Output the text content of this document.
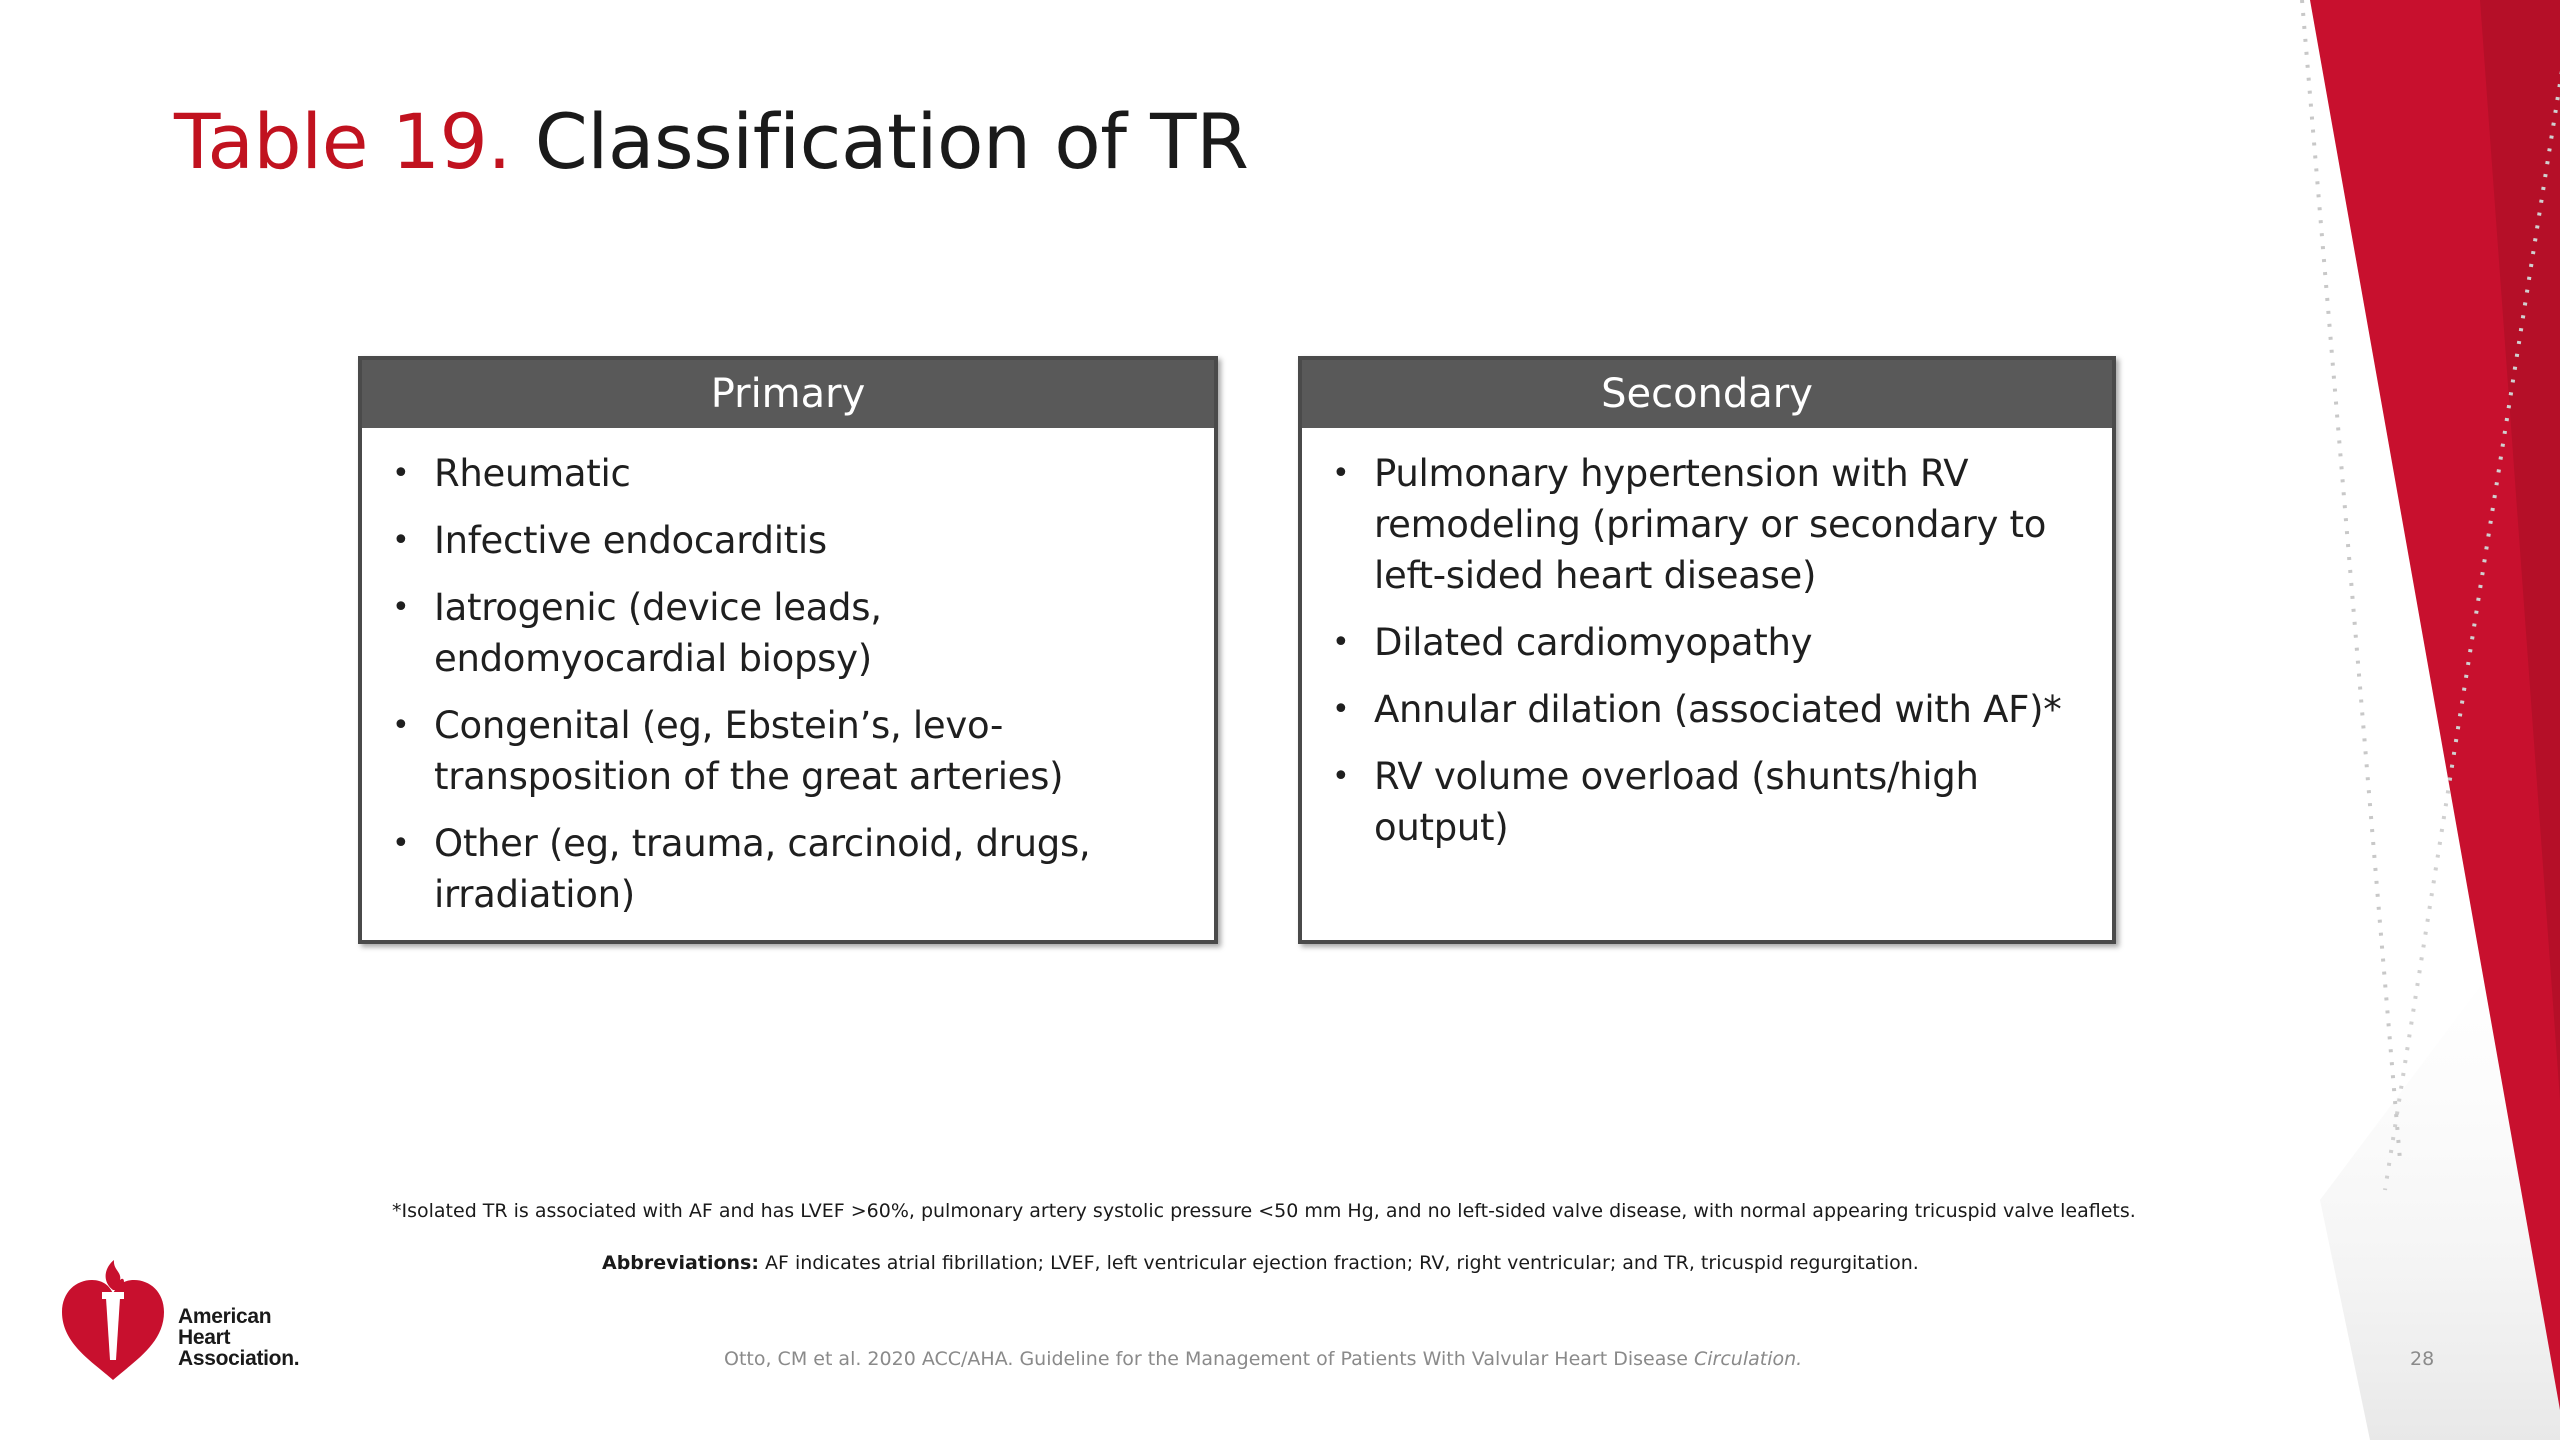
Table 19. Classification of TR
Primary
• Rheumatic
• Infective endocarditis
• Iatrogenic (device leads, endomyocardial biopsy)
• Congenital (eg, Ebstein’s, levo-transposition of the great arteries)
• Other (eg, trauma, carcinoid, drugs, irradiation)
Secondary
• Pulmonary hypertension with RV remodeling (primary or secondary to left-sided heart disease)
• Dilated cardiomyopathy
• Annular dilation (associated with AF)*
• RV volume overload (shunts/high output)
*Isolated TR is associated with AF and has LVEF >60%, pulmonary artery systolic pressure <50 mm Hg, and no left-sided valve disease, with normal appearing tricuspid valve leaflets.
Abbreviations: AF indicates atrial fibrillation; LVEF, left ventricular ejection fraction; RV, right ventricular; and TR, tricuspid regurgitation.
Otto, CM et al. 2020 ACC/AHA. Guideline for the Management of Patients With Valvular Heart Disease Circulation.	28
American
Heart
Association.
